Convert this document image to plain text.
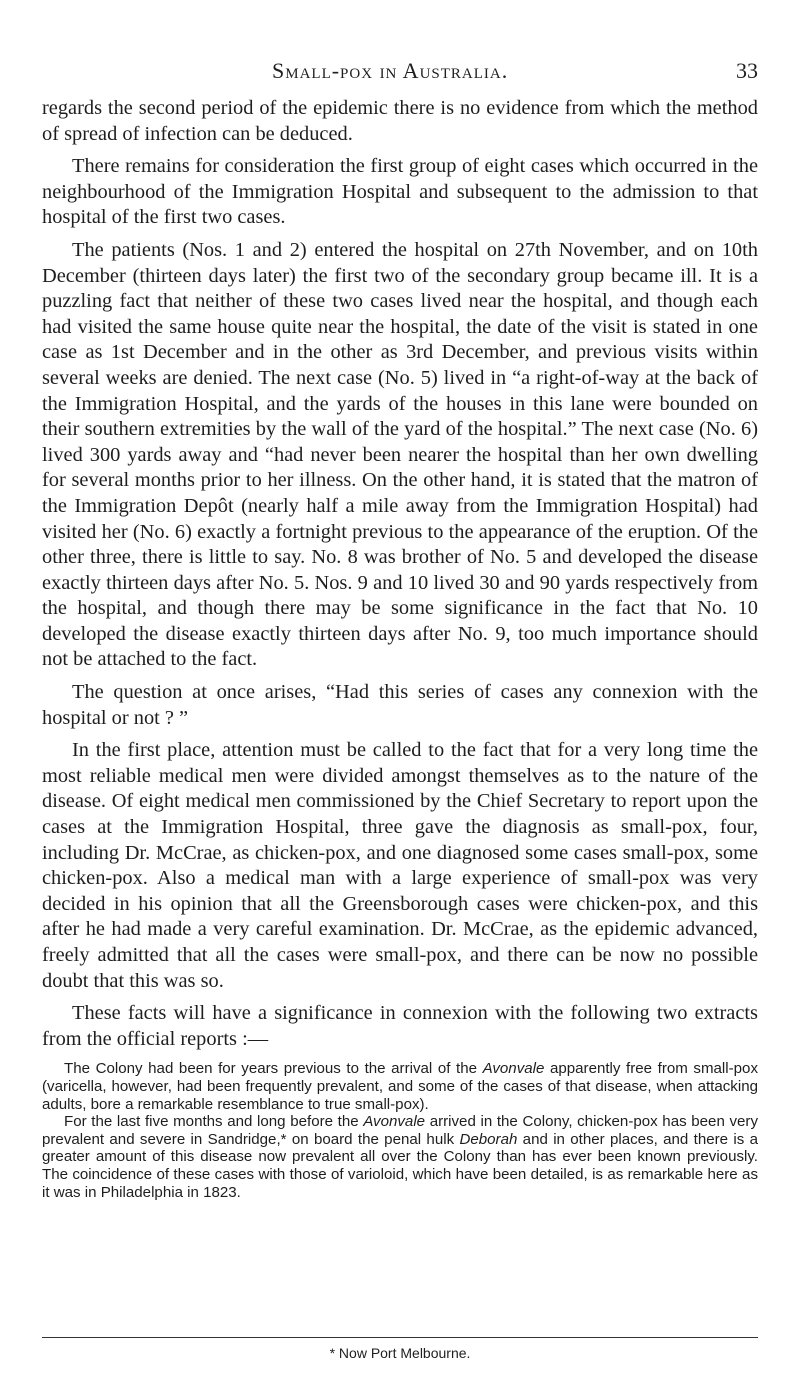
Small-pox in Australia.	33

regards the second period of the epidemic there is no evidence from which the method of spread of infection can be deduced.

There remains for consideration the first group of eight cases which occurred in the neighbourhood of the Immigration Hospital and subsequent to the admission to that hospital of the first two cases.

The patients (Nos. 1 and 2) entered the hospital on 27th November, and on 10th December (thirteen days later) the first two of the secondary group became ill. It is a puzzling fact that neither of these two cases lived near the hospital, and though each had visited the same house quite near the hospital, the date of the visit is stated in one case as 1st December and in the other as 3rd December, and previous visits within several weeks are denied. The next case (No. 5) lived in “a right-of-way at the back of the Immigration Hospital, and the yards of the houses in this lane were bounded on their southern extremities by the wall of the yard of the hospital.” The next case (No. 6) lived 300 yards away and “had never been nearer the hospital than her own dwelling for several months prior to her illness. On the other hand, it is stated that the matron of the Immigration Depôt (nearly half a mile away from the Immigration Hospital) had visited her (No. 6) exactly a fortnight previous to the appearance of the eruption. Of the other three, there is little to say. No. 8 was brother of No. 5 and developed the disease exactly thirteen days after No. 5. Nos. 9 and 10 lived 30 and 90 yards respectively from the hospital, and though there may be some significance in the fact that No. 10 developed the disease exactly thirteen days after No. 9, too much importance should not be attached to the fact.

The question at once arises, “Had this series of cases any connexion with the hospital or not ? ”

In the first place, attention must be called to the fact that for a very long time the most reliable medical men were divided amongst themselves as to the nature of the disease. Of eight medical men commissioned by the Chief Secretary to report upon the cases at the Immigration Hospital, three gave the diagnosis as small-pox, four, including Dr. McCrae, as chicken-pox, and one diagnosed some cases small-pox, some chicken-pox. Also a medical man with a large experience of small-pox was very decided in his opinion that all the Greensborough cases were chicken-pox, and this after he had made a very careful examination. Dr. McCrae, as the epidemic advanced, freely admitted that all the cases were small-pox, and there can be now no possible doubt that this was so.

These facts will have a significance in connexion with the following two extracts from the official reports :—

The Colony had been for years previous to the arrival of the Avonvale apparently free from small-pox (varicella, however, had been frequently prevalent, and some of the cases of that disease, when attacking adults, bore a remarkable resemblance to true small-pox).

For the last five months and long before the Avonvale arrived in the Colony, chicken-pox has been very prevalent and severe in Sandridge,* on board the penal hulk Deborah and in other places, and there is a greater amount of this disease now prevalent all over the Colony than has ever been known previously. The coincidence of these cases with those of varioloid, which have been detailed, is as remarkable here as it was in Philadelphia in 1823.

* Now Port Melbourne.
